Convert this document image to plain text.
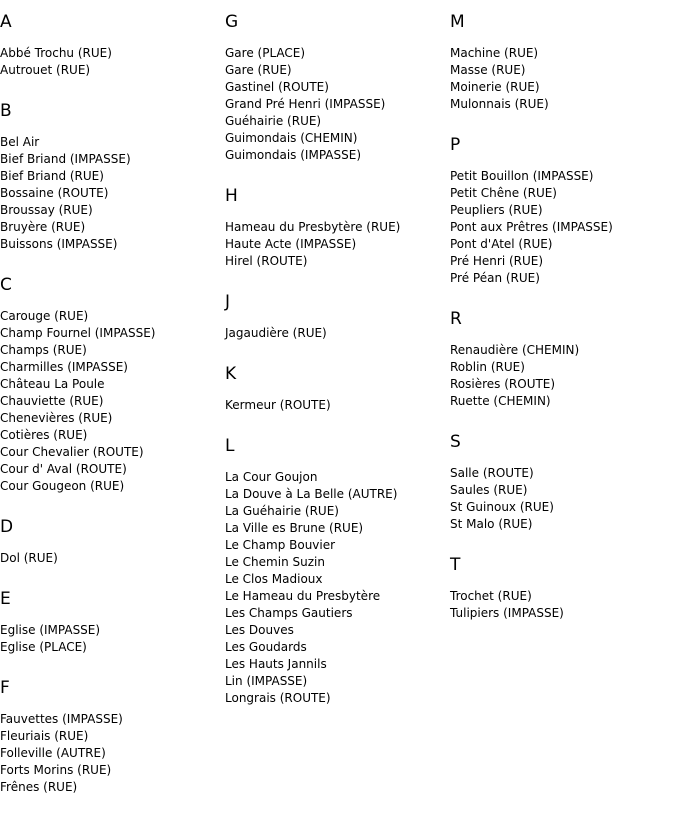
A
Abbé Trochu (RUE)
Autrouet (RUE)
B
Bel Air
Bief Briand (IMPASSE)
Bief Briand (RUE)
Bossaine (ROUTE)
Broussay (RUE)
Bruyère (RUE)
Buissons (IMPASSE)
C
Carouge (RUE)
Champ Fournel (IMPASSE)
Champs (RUE)
Charmilles (IMPASSE)
Château La Poule
Chauviette (RUE)
Chenevières (RUE)
Cotières (RUE)
Cour Chevalier (ROUTE)
Cour d' Aval (ROUTE)
Cour Gougeon (RUE)
D
Dol (RUE)
E
Eglise (IMPASSE)
Eglise (PLACE)
F
Fauvettes (IMPASSE)
Fleuriais (RUE)
Folleville (AUTRE)
Forts Morins (RUE)
Frênes (RUE)
G
Gare (PLACE)
Gare (RUE)
Gastinel (ROUTE)
Grand Pré Henri (IMPASSE)
Guéhairie (RUE)
Guimondais (CHEMIN)
Guimondais (IMPASSE)
H
Hameau du Presbytère (RUE)
Haute Acte (IMPASSE)
Hirel (ROUTE)
J
Jagaudière (RUE)
K
Kermeur (ROUTE)
L
La Cour Goujon
La Douve à La Belle (AUTRE)
La Guéhairie (RUE)
La Ville es Brune (RUE)
Le Champ Bouvier
Le Chemin Suzin
Le Clos Madioux
Le Hameau du Presbytère
Les Champs Gautiers
Les Douves
Les Goudards
Les Hauts Jannils
Lin (IMPASSE)
Longrais (ROUTE)
M
Machine (RUE)
Masse (RUE)
Moinerie (RUE)
Mulonnais (RUE)
P
Petit Bouillon (IMPASSE)
Petit Chêne (RUE)
Peupliers (RUE)
Pont aux Prêtres (IMPASSE)
Pont d'Atel (RUE)
Pré Henri (RUE)
Pré Péan (RUE)
R
Renaudière (CHEMIN)
Roblin (RUE)
Rosières (ROUTE)
Ruette (CHEMIN)
S
Salle (ROUTE)
Saules (RUE)
St Guinoux (RUE)
St Malo (RUE)
T
Trochet (RUE)
Tulipiers (IMPASSE)
